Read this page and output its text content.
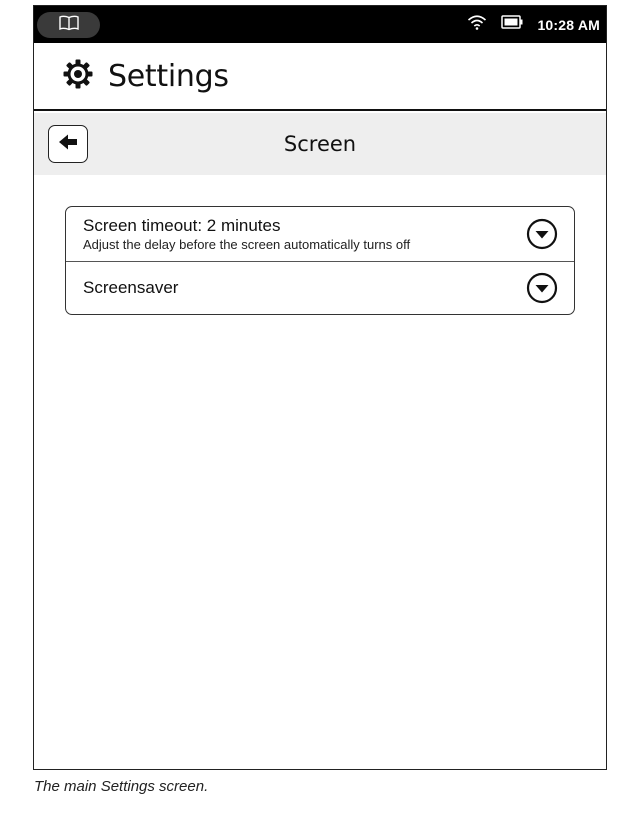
10:28 AM
Settings
Screen
Screen timeout: 2 minutes
Adjust the delay before the screen automatically turns off
Screensaver
The main Settings screen.
